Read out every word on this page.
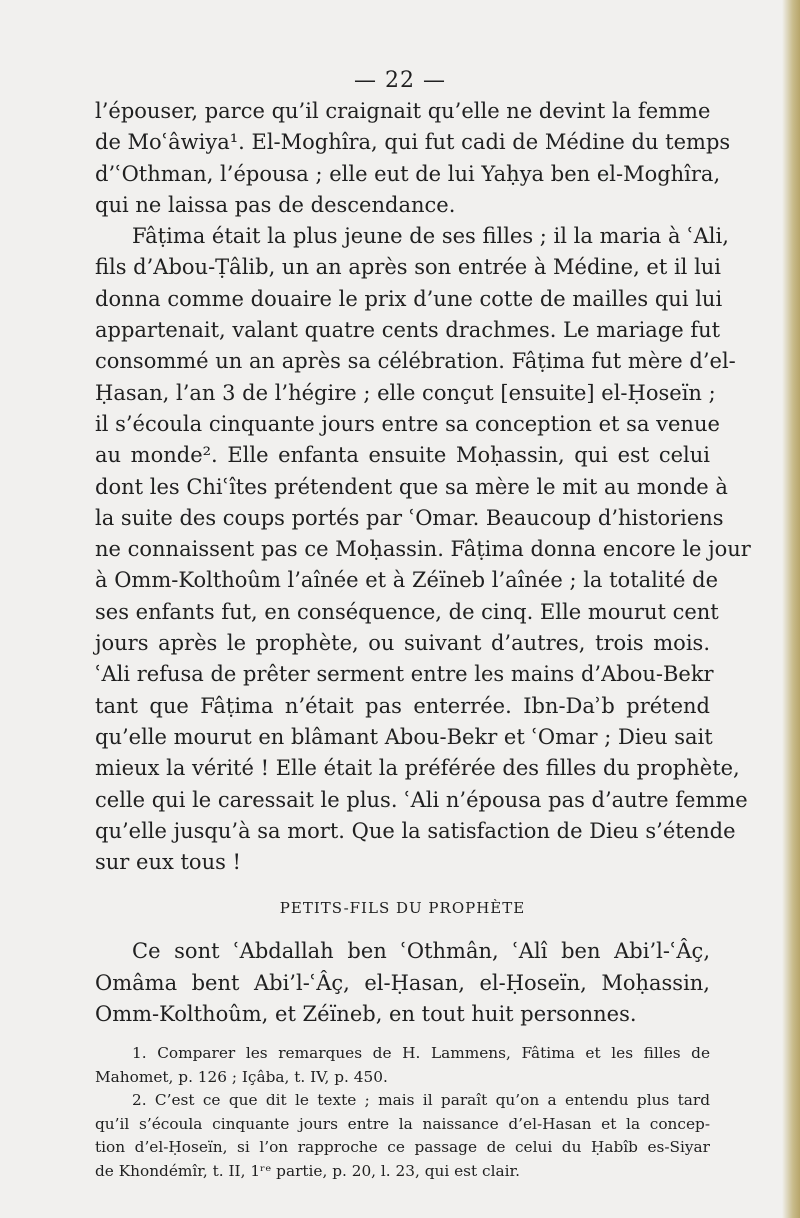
— 22 —
l’épouser, parce qu’il craignait qu’elle ne devint la femme
de Moʿâwiya¹. El-Moghîra, qui fut cadi de Médine du temps
d’ʿOthman, l’épousa ; elle eut de lui Yaḥya ben el-Moghîra,
qui ne laissa pas de descendance.
Fâṭima était la plus jeune de ses filles ; il la maria à ʿAli,
fils d’Abou-Ṭâlib, un an après son entrée à Médine, et il lui
donna comme douaire le prix d’une cotte de mailles qui lui
appartenait, valant quatre cents drachmes. Le mariage fut
consommé un an après sa célébration. Fâṭima fut mère d’el-
Ḥasan, l’an 3 de l’hégire ; elle conçut [ensuite] el-Ḥoseïn ;
il s’écoula cinquante jours entre sa conception et sa venue
au monde². Elle enfanta ensuite Moḥassin, qui est celui
dont les Chiʿîtes prétendent que sa mère le mit au monde à
la suite des coups portés par ʿOmar. Beaucoup d’historiens
ne connaissent pas ce Moḥassin. Fâṭima donna encore le jour
à Omm-Kolthoûm l’aînée et à Zéïneb l’aînée ; la totalité de
ses enfants fut, en conséquence, de cinq. Elle mourut cent
jours après le prophète, ou suivant d’autres, trois mois.
ʿAli refusa de prêter serment entre les mains d’Abou-Bekr
tant que Fâṭima n’était pas enterrée. Ibn-Daʾb prétend
qu’elle mourut en blâmant Abou-Bekr et ʿOmar ; Dieu sait
mieux la vérité ! Elle était la préférée des filles du prophète,
celle qui le caressait le plus. ʿAli n’épousa pas d’autre femme
qu’elle jusqu’à sa mort. Que la satisfaction de Dieu s’étende
sur eux tous !
PETITS-FILS DU PROPHÈTE
Ce sont ʿAbdallah ben ʿOthmân, ʿAlî ben Abi’l-ʿÂç,
Omâma bent Abi’l-ʿÂç, el-Ḥasan, el-Ḥoseïn, Moḥassin,
Omm-Kolthoûm, et Zéïneb, en tout huit personnes.
1. Comparer les remarques de H. Lammens, Fâtima et les filles de
Mahomet, p. 126 ; Içâba, t. IV, p. 450.
2. C’est ce que dit le texte ; mais il paraît qu’on a entendu plus tard
qu’il s’écoula cinquante jours entre la naissance d’el-Hasan et la concep-
tion d’el-Ḥoseïn, si l’on rapproche ce passage de celui du Ḥabîb es-Siyar
de Khondémîr, t. II, 1ʳᵉ partie, p. 20, l. 23, qui est clair.
